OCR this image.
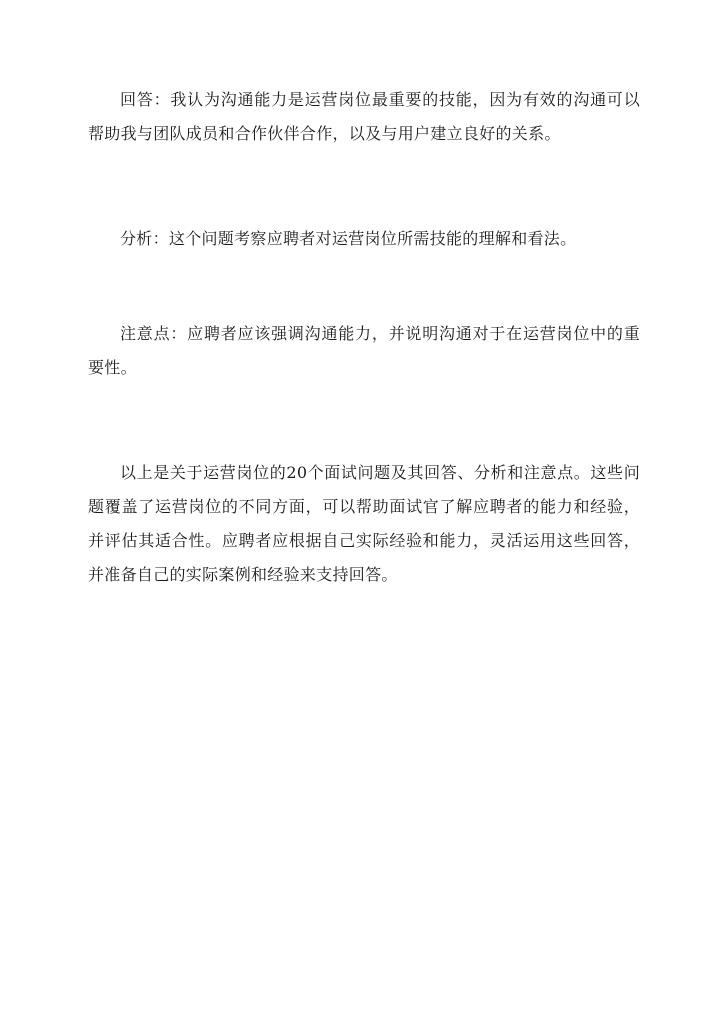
回答：我认为沟通能力是运营岗位最重要的技能，因为有效的沟通可以帮助我与团队成员和合作伙伴合作，以及与用户建立良好的关系。

分析：这个问题考察应聘者对运营岗位所需技能的理解和看法。

注意点：应聘者应该强调沟通能力，并说明沟通对于在运营岗位中的重要性。

以上是关于运营岗位的20个面试问题及其回答、分析和注意点。这些问题覆盖了运营岗位的不同方面，可以帮助面试官了解应聘者的能力和经验，并评估其适合性。应聘者应根据自己实际经验和能力，灵活运用这些回答，并准备自己的实际案例和经验来支持回答。
